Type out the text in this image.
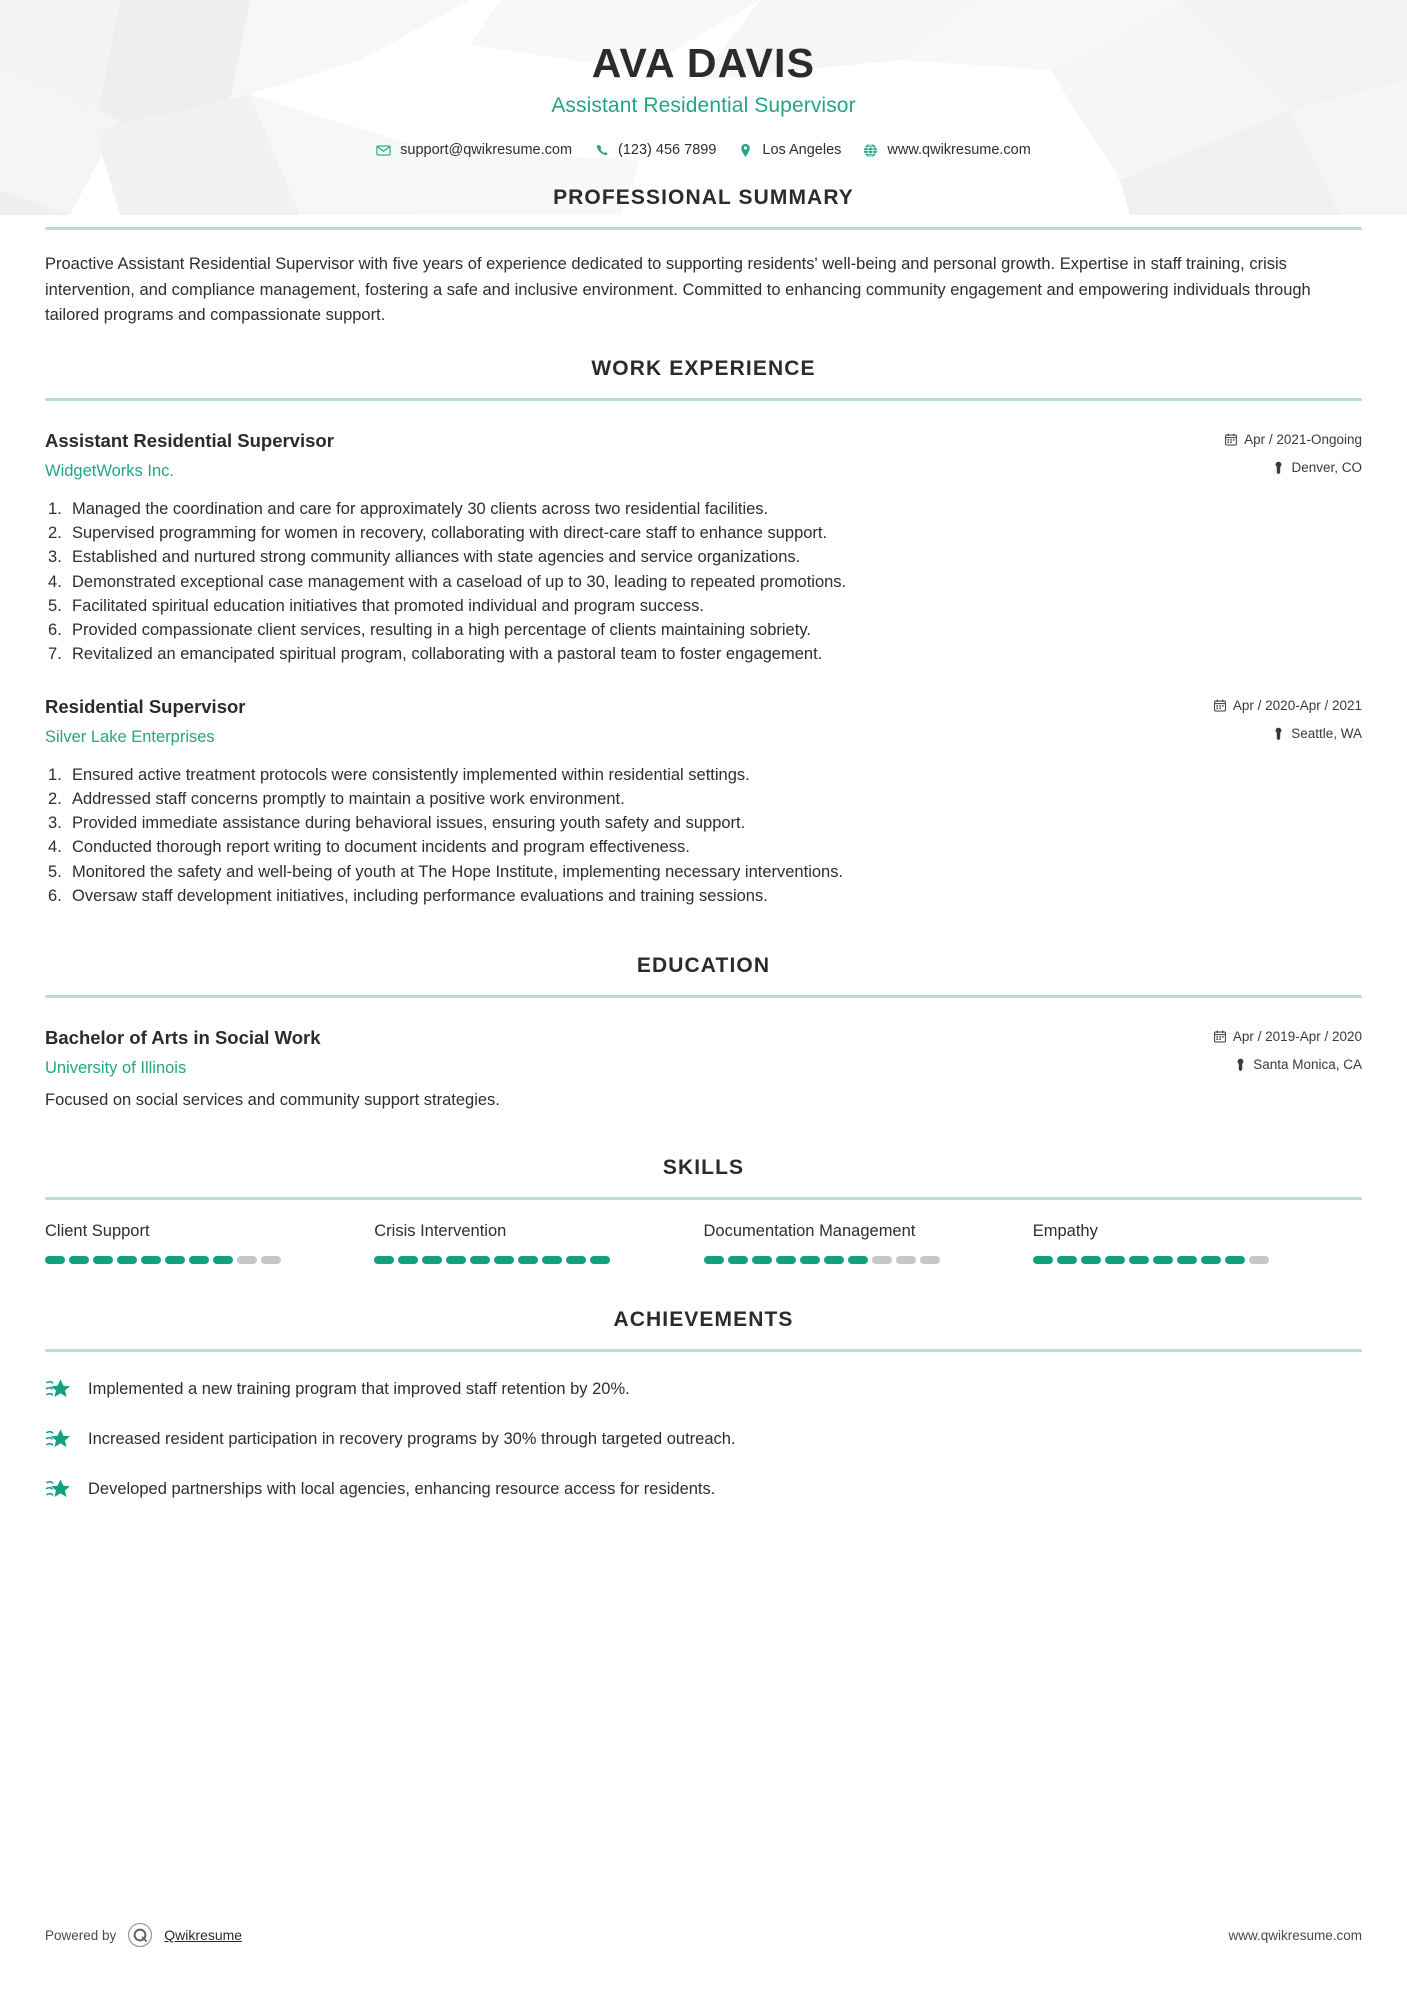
AVA DAVIS
Assistant Residential Supervisor
support@qwikresume.com	(123) 456 7899	Los Angeles	www.qwikresume.com
PROFESSIONAL SUMMARY

Proactive Assistant Residential Supervisor with five years of experience dedicated to supporting residents' well-being and personal growth. Expertise in staff training, crisis intervention, and compliance management, fostering a safe and inclusive environment. Committed to enhancing community engagement and empowering individuals through tailored programs and compassionate support.

WORK EXPERIENCE
Assistant Residential Supervisor
WidgetWorks Inc.
Apr / 2021-Ongoing
Denver, CO
Managed the coordination and care for approximately 30 clients across two residential facilities.
Supervised programming for women in recovery, collaborating with direct-care staff to enhance support.
Established and nurtured strong community alliances with state agencies and service organizations.
Demonstrated exceptional case management with a caseload of up to 30, leading to repeated promotions.
Facilitated spiritual education initiatives that promoted individual and program success.
Provided compassionate client services, resulting in a high percentage of clients maintaining sobriety.
Revitalized an emancipated spiritual program, collaborating with a pastoral team to foster engagement.
Residential Supervisor
Silver Lake Enterprises
Apr / 2020-Apr / 2021
Seattle, WA
Ensured active treatment protocols were consistently implemented within residential settings.
Addressed staff concerns promptly to maintain a positive work environment.
Provided immediate assistance during behavioral issues, ensuring youth safety and support.
Conducted thorough report writing to document incidents and program effectiveness.
Monitored the safety and well-being of youth at The Hope Institute, implementing necessary interventions.
Oversaw staff development initiatives, including performance evaluations and training sessions.
EDUCATION
Bachelor of Arts in Social Work
University of Illinois
Apr / 2019-Apr / 2020
Santa Monica, CA
Focused on social services and community support strategies.
SKILLS
Client Support	Crisis Intervention	Documentation Management	Empathy
ACHIEVEMENTS
Implemented a new training program that improved staff retention by 20%.
Increased resident participation in recovery programs by 30% through targeted outreach.
Developed partnerships with local agencies, enhancing resource access for residents.
Powered by	Qwikresume	www.qwikresume.com
